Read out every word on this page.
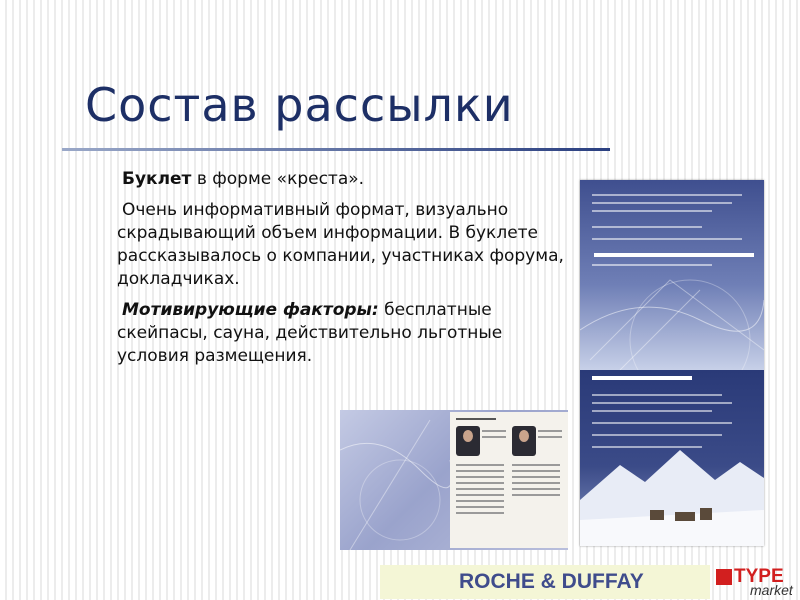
Состав рассылки

Буклет в форме «креста».

Очень информативный формат, визуально скрадывающий объем информации. В буклете рассказывалось о компании, участниках форума, докладчиках.

Мотивирующие факторы: бесплатные скейпасы, сауна, действительно льготные условия размещения.

ROCHE & DUFFAY	TYPE
market
